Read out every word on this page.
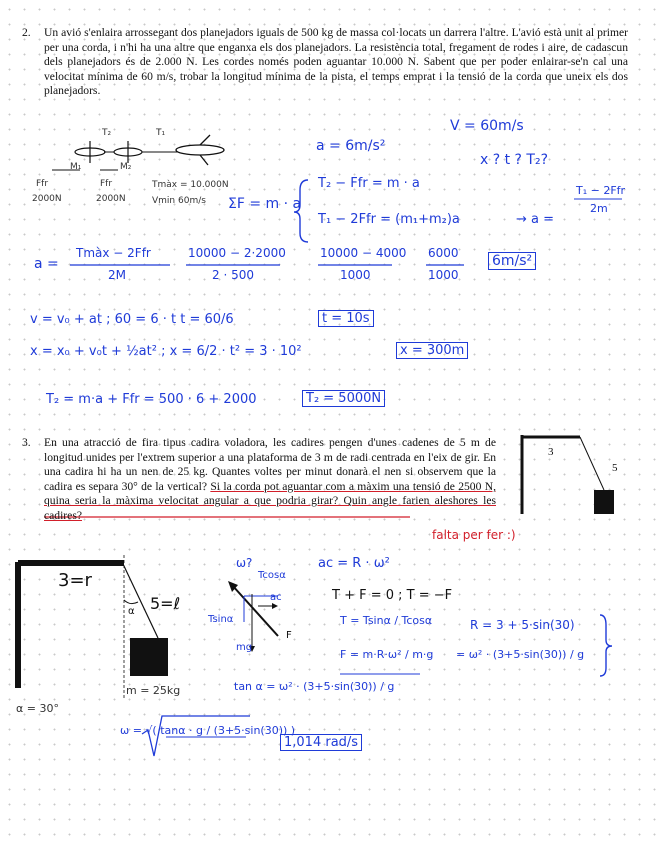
2. Un avió s'enlaira arrossegant dos planejadors iguals de 500 kg de massa col·locats un darrera l'altre. L'avió està unit al primer per una corda, i n'hi ha una altre que enganxa els dos planejadors. La resistència total, fregament de rodes i aire, de cadascun dels planejadors és de 2.000 N. Les cordes només poden aguantar 10.000 N. Sabent que per poder enlairar-se'n cal una velocitat mínima de 60 m/s, trobar la longitud mínima de la pista, el temps emprat i la tensió de la corda que uneix els dos planejadors.

T₂	T₁
M₁	M₂
Ffr	Ffr
2000N	2000N
Tmàx = 10.000N
Vmin 60m/s
a = 6m/s²
V = 60m/s
x ? t ? T₂?
ΣF = m · a
T₂ − Ffr = m · a
T₁ − 2Ffr = (m₁+m₂)a	→ a =
T₁ − 2Ffr
2m
a =
Tmàx − 2Ffr
2M
10000 − 2·2000
2 · 500
10000 − 4000
1000
6000
1000
6m/s²
v = v₀ + at ; 60 = 6 · t t = 60/6	t = 10s
x = x₀ + v₀t + ½at² ; x = 6/2 · t² = 3 · 10²	x = 300m
T₂ = m·a + Ffr = 500 · 6 + 2000	T₂ = 5000N
3. En una atracció de fira tipus cadira voladora, les cadires pengen d'unes cadenes de 5 m de longitud unides per l'extrem superior a una plataforma de 3 m de radi centrada en l'eix de gir. En una cadira hi ha un nen de 25 kg. Quantes voltes per minut donarà el nen si observem que la cadira es separa 30° de la vertical? Si la corda pot aguantar com a màxim una tensió de 2500 N, quina seria la màxima velocitat angular a que podria girar? Quin angle farien aleshores les cadires?

3
5
falta per fer :)
3=r
5=ℓ
α
m = 25kg
α = 30°
ω?
Tcosα
Tsinα
ac
mg
F
ac = R · ω²
T + F = 0 ; T = −F
T = Tsinα / Tcosα	R = 3 + 5·sin(30)
F = m·R·ω² / m·g = ω² · (3+5·sin(30)) / g
tan α = ω² · (3+5·sin(30)) / g
ω = √( tanα · g / (3+5·sin(30)) )
1,014 rad/s
